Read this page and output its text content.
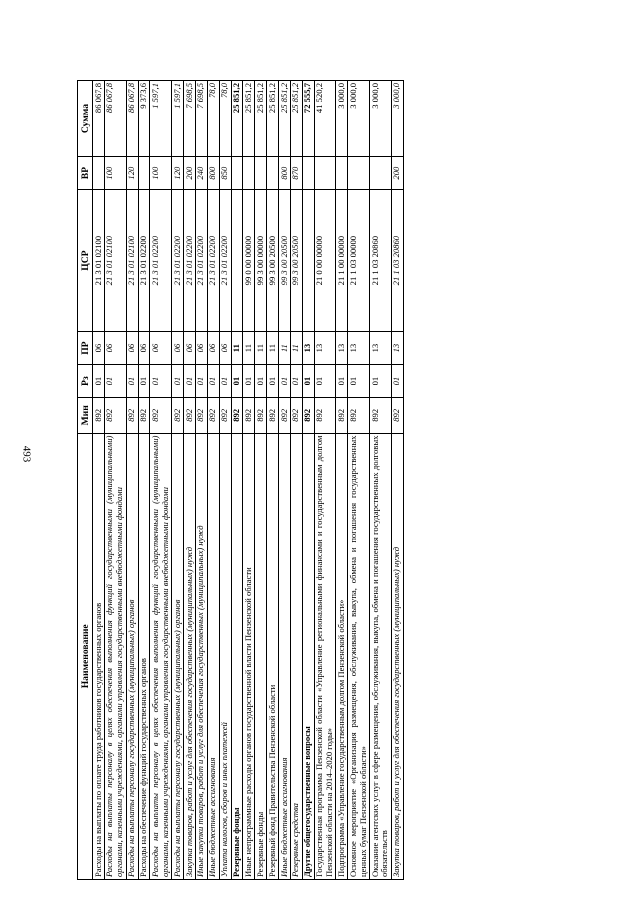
493
Наименование	Мин	Рз	ПР	ЦСР	ВР	Сумма
Расходы на выплаты по оплате труда работников государственных органов	892	01	06	21 3 01 02100		86 067,8
Расходы на выплаты персоналу в целях обеспечения выполнения функций государственными (муниципальными) органами, казенными учреждениями, органами управления государственными внебюджетными фондами	892	01	06	21 3 01 02100	100	86 067,8
Расходы на выплаты персоналу государственных (муниципальных) органов	892	01	06	21 3 01 02100	120	86 067,8
Расходы на обеспечение функций государственных органов	892	01	06	21 3 01 02200		9 373,6
Расходы на выплаты персоналу в целях обеспечения выполнения функций государственными (муниципальными) органами, казенными учреждениями, органами управления государственными внебюджетными фондами	892	01	06	21 3 01 02200	100	1 597,1
Расходы на выплаты персоналу государственных (муниципальных) органов	892	01	06	21 3 01 02200	120	1 597,1
Закупка товаров, работ и услуг для обеспечения государственных (муниципальных) нужд	892	01	06	21 3 01 02200	200	7 698,5
Иные закупки товаров, работ и услуг для обеспечения государственных (муниципальных) нужд	892	01	06	21 3 01 02200	240	7 698,5
Иные бюджетные ассигнования	892	01	06	21 3 01 02200	800	78,0
Уплата налогов, сборов и иных платежей	892	01	06	21 3 01 02200	850	78,0
Резервные фонды	892	01	11			25 851,2
Иные непрограммные расходы органов государственной власти Пензенской области	892	01	11	99 0 00 00000		25 851,2
Резервные фонды	892	01	11	99 3 00 00000		25 851,2
Резервный фонд Правительства Пензенской области	892	01	11	99 3 00 20500		25 851,2
Иные бюджетные ассигнования	892	01	11	99 3 00 20500	800	25 851,2
Резервные средства	892	01	11	99 3 00 20500	870	25 851,2
Другие общегосударственные вопросы	892	01	13			72 555,7
Государственная программа Пензенской области «Управление региональными финансами и государственным долгом Пензенской области на 2014–2020 годы»	892	01	13	21 0 00 00000		41 520,2
Подпрограмма «Управление государственным долгом Пензенской области»	892	01	13	21 1 00 00000		3 000,0
Основное мероприятие «Организация размещения, обслуживания, выкупа, обмена и погашения государственных ценных бумаг Пензенской области»	892	01	13	21 1 03 00000		3 000,0
Оказание агентских услуг в сфере размещения, обслуживания, выкупа, обмена и погашения государственных долговых обязательств	892	01	13	21 1 03 20860		3 000,0
Закупка товаров, работ и услуг для обеспечения государственных (муниципальных) нужд	892	01	13	21 1 03 20860	200	3 000,0
